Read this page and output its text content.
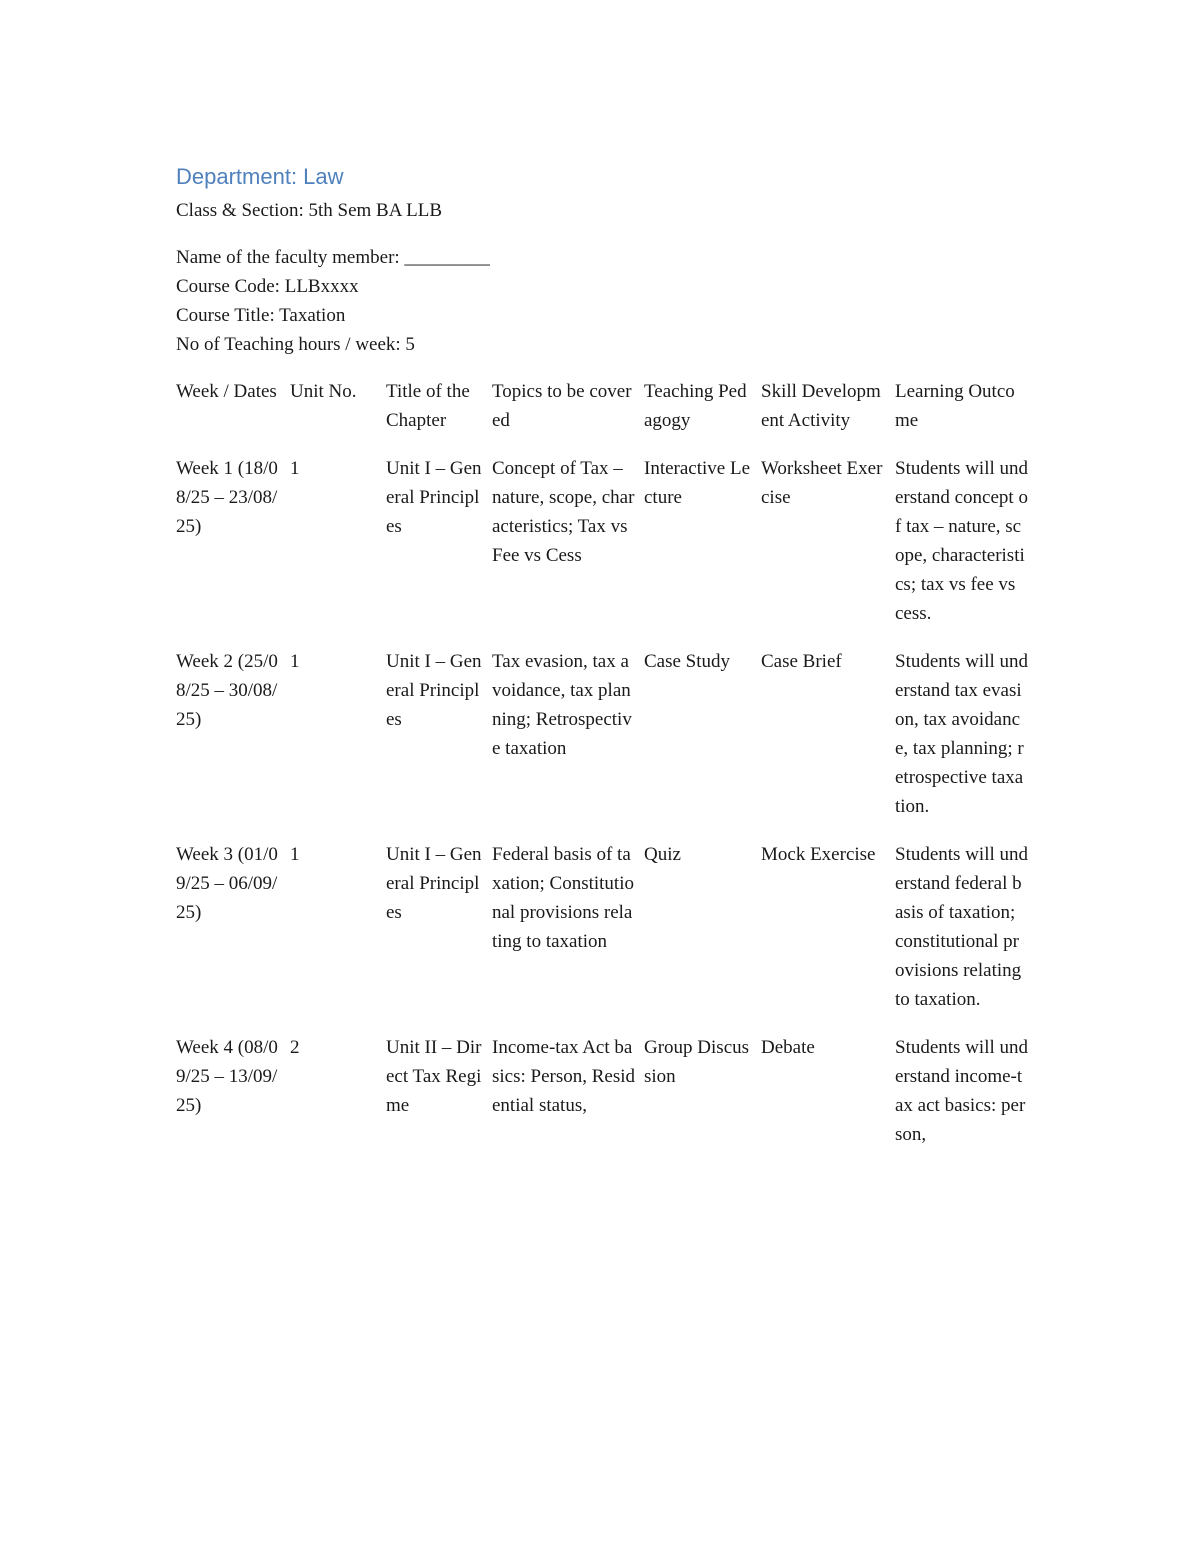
Department: Law

Class & Section: 5th Sem BA LLB

Name of the faculty member: _________

Course Code: LLBxxxx

Course Title: Taxation

No of Teaching hours / week: 5

Week / Dates	Unit No.	Title of the Chapter	Topics to be covered	Teaching Pedagogy	Skill Development Activity	Learning Outcome
Week 1 (18/08/25 – 23/08/25)	1	Unit I – General Principles	Concept of Tax – nature, scope, characteristics; Tax vs Fee vs Cess	Interactive Lecture	Worksheet Exercise	Students will understand concept of tax – nature, scope, characteristics; tax vs fee vs cess.
Week 2 (25/08/25 – 30/08/25)	1	Unit I – General Principles	Tax evasion, tax avoidance, tax planning; Retrospective taxation	Case Study	Case Brief	Students will understand tax evasion, tax avoidance, tax planning; retrospective taxation.
Week 3 (01/09/25 – 06/09/25)	1	Unit I – General Principles	Federal basis of taxation; Constitutional provisions relating to taxation	Quiz	Mock Exercise	Students will understand federal basis of taxation; constitutional provisions relating to taxation.
Week 4 (08/09/25 – 13/09/25)	2	Unit II – Direct Tax Regime	Income-tax Act basics: Person, Residential status,	Group Discussion	Debate	Students will understand income-tax act basics: person,
